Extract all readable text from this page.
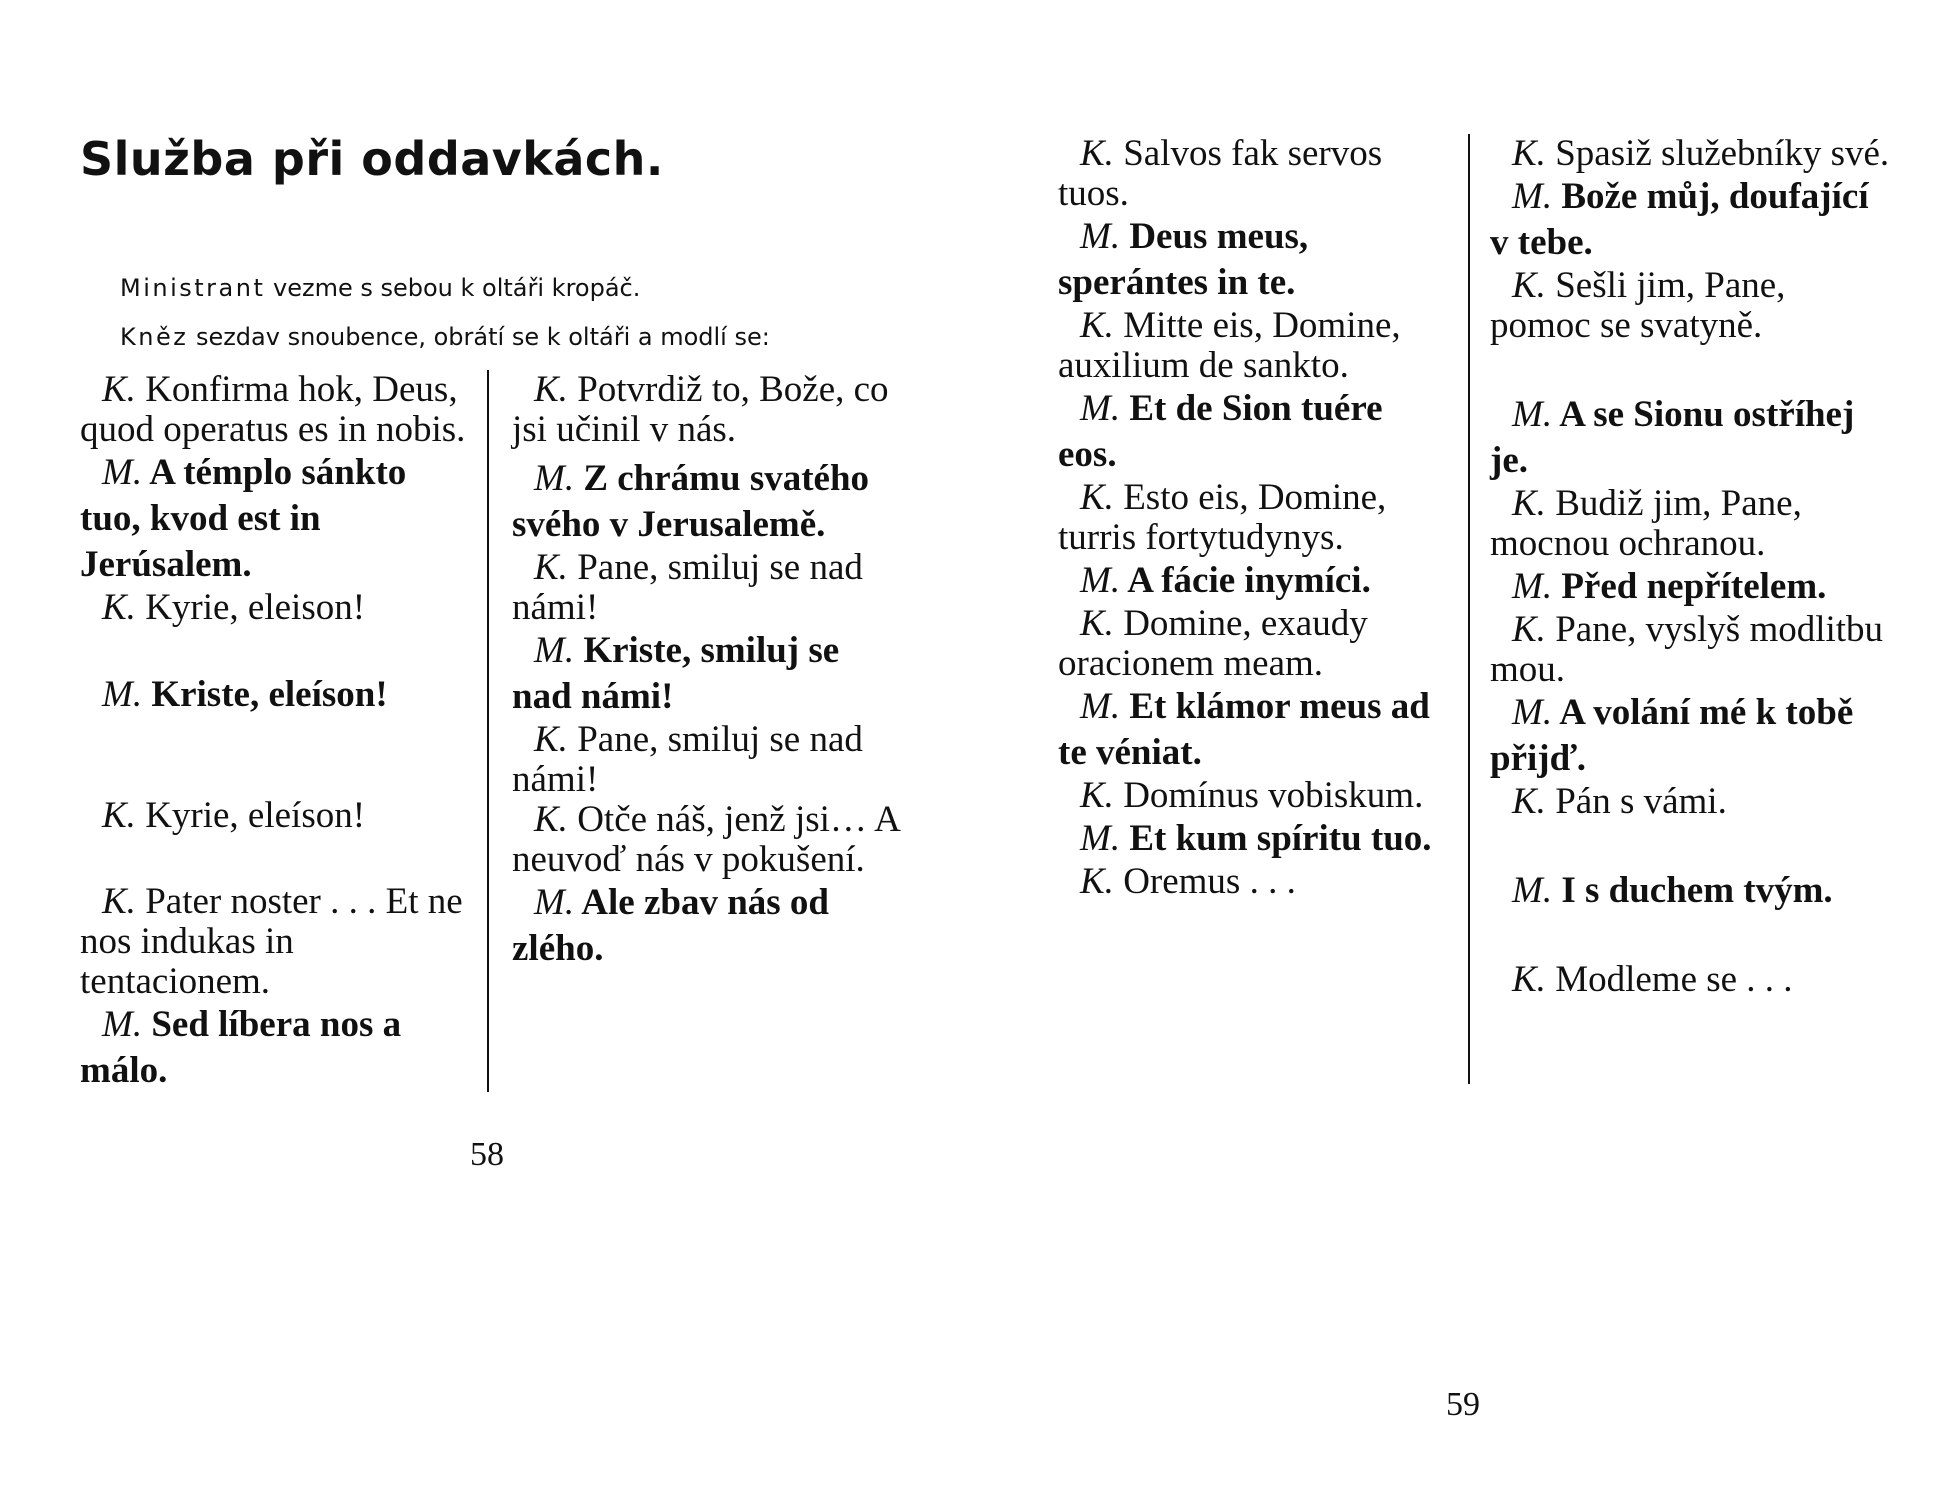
Služba při oddavkách.
Ministrant vezme s sebou k oltáři kropáč.
Kněz sezdav snoubence, obrátí se k oltáři a modlí se:
K. Konfirma hok, Deus, quod operatus es in nobis.
M. A témplo sánkto tuo, kvod est in Jerúsalem.
K. Kyrie, eleison!
M. Kriste, eleíson!
K. Kyrie, eleíson!
K. Pater noster . . . Et ne nos indukas in tentacionem.
M. Sed líbera nos a málo.
K. Potvrdiž to, Bože, co jsi učinil v nás.
M. Z chrámu svatého svého v Jerusalemě.
K. Pane, smiluj se nad námi!
M. Kriste, smiluj se nad námi!
K. Pane, smiluj se nad námi!
K. Otče náš, jenž jsi… A neuvoď nás v pokušení.
M. Ale zbav nás od zlého.
58
K. Salvos fak servos tuos.
M. Deus meus, sperántes in te.
K. Mitte eis, Domine, auxilium de sankto.
M. Et de Sion tuére eos.
K. Esto eis, Domine, turris fortytudynys.
M. A fácie inymíci.
K. Domine, exaudy oracionem meam.
M. Et klámor meus ad te véniat.
K. Domínus vobiskum.
M. Et kum spíritu tuo.
K. Oremus . . .
K. Spasiž služebníky své.
M. Bože můj, doufající v tebe.
K. Sešli jim, Pane, pomoc se svatyně.
M. A se Sionu ostříhej je.
K. Budiž jim, Pane, mocnou ochranou.
M. Před nepřítelem.
K. Pane, vyslyš modlitbu mou.
M. A volání mé k tobě přijď.
K. Pán s vámi.
M. I s duchem tvým.
K. Modleme se . . .
59
